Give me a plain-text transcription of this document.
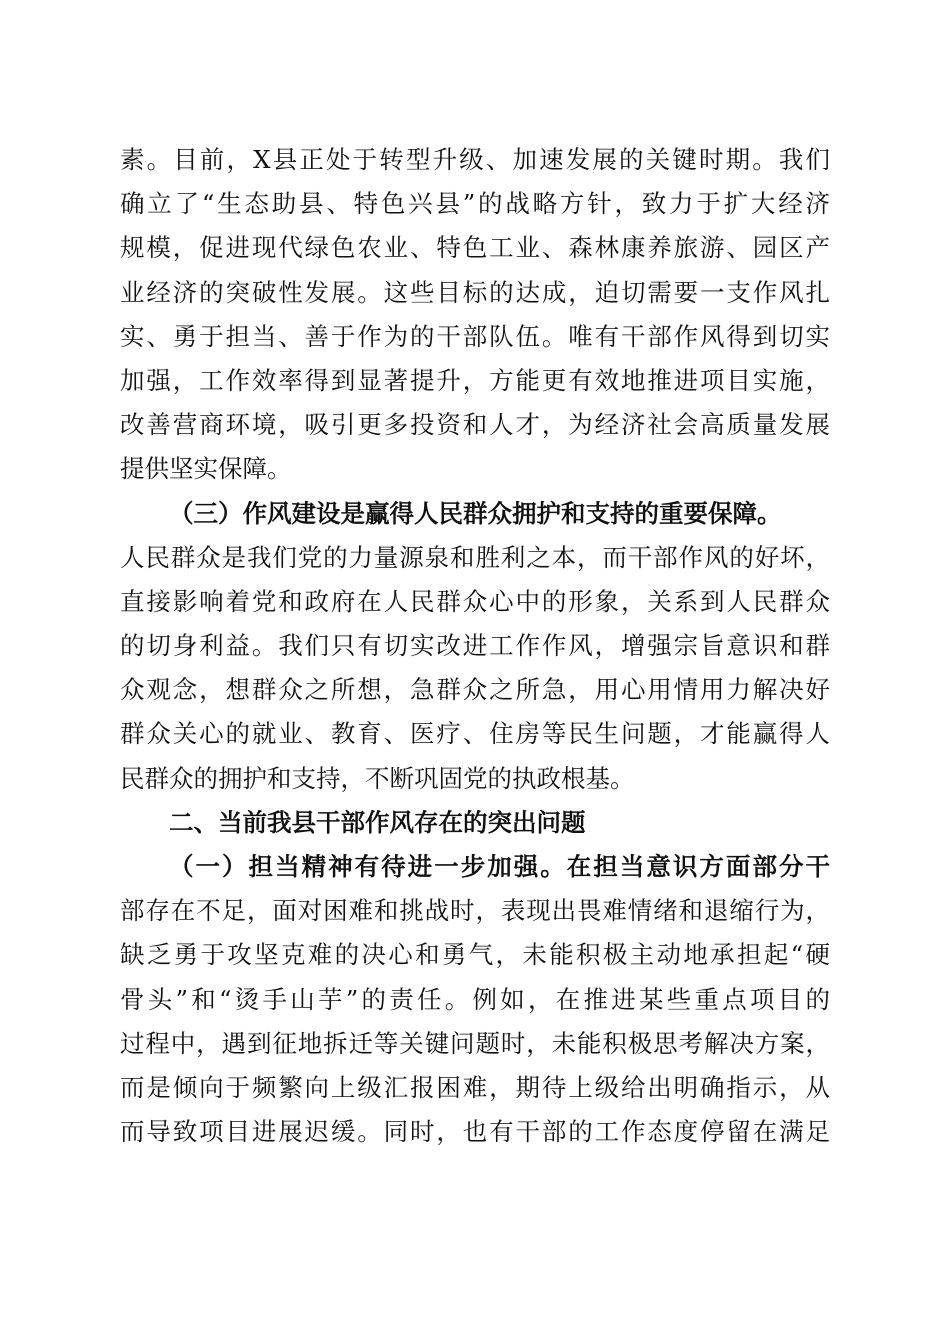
素。目前，X县正处于转型升级、加速发展的关键时期。我们
确立了“生态助县、特色兴县”的战略方针，致力于扩大经济
规模，促进现代绿色农业、特色工业、森林康养旅游、园区产
业经济的突破性发展。这些目标的达成，迫切需要一支作风扎
实、勇于担当、善于作为的干部队伍。唯有干部作风得到切实
加强，工作效率得到显著提升，方能更有效地推进项目实施，
改善营商环境，吸引更多投资和人才，为经济社会高质量发展
提供坚实保障。
（三）作风建设是赢得人民群众拥护和支持的重要保障。
人民群众是我们党的力量源泉和胜利之本，而干部作风的好坏，
直接影响着党和政府在人民群众心中的形象，关系到人民群众
的切身利益。我们只有切实改进工作作风，增强宗旨意识和群
众观念，想群众之所想，急群众之所急，用心用情用力解决好
群众关心的就业、教育、医疗、住房等民生问题，才能赢得人
民群众的拥护和支持，不断巩固党的执政根基。
二、当前我县干部作风存在的突出问题
（一）担当精神有待进一步加强。在担当意识方面部分干
部存在不足，面对困难和挑战时，表现出畏难情绪和退缩行为，
缺乏勇于攻坚克难的决心和勇气，未能积极主动地承担起“硬
骨头”和“烫手山芋”的责任。例如，在推进某些重点项目的
过程中，遇到征地拆迁等关键问题时，未能积极思考解决方案，
而是倾向于频繁向上级汇报困难，期待上级给出明确指示，从
而导致项目进展迟缓。同时，也有干部的工作态度停留在满足
